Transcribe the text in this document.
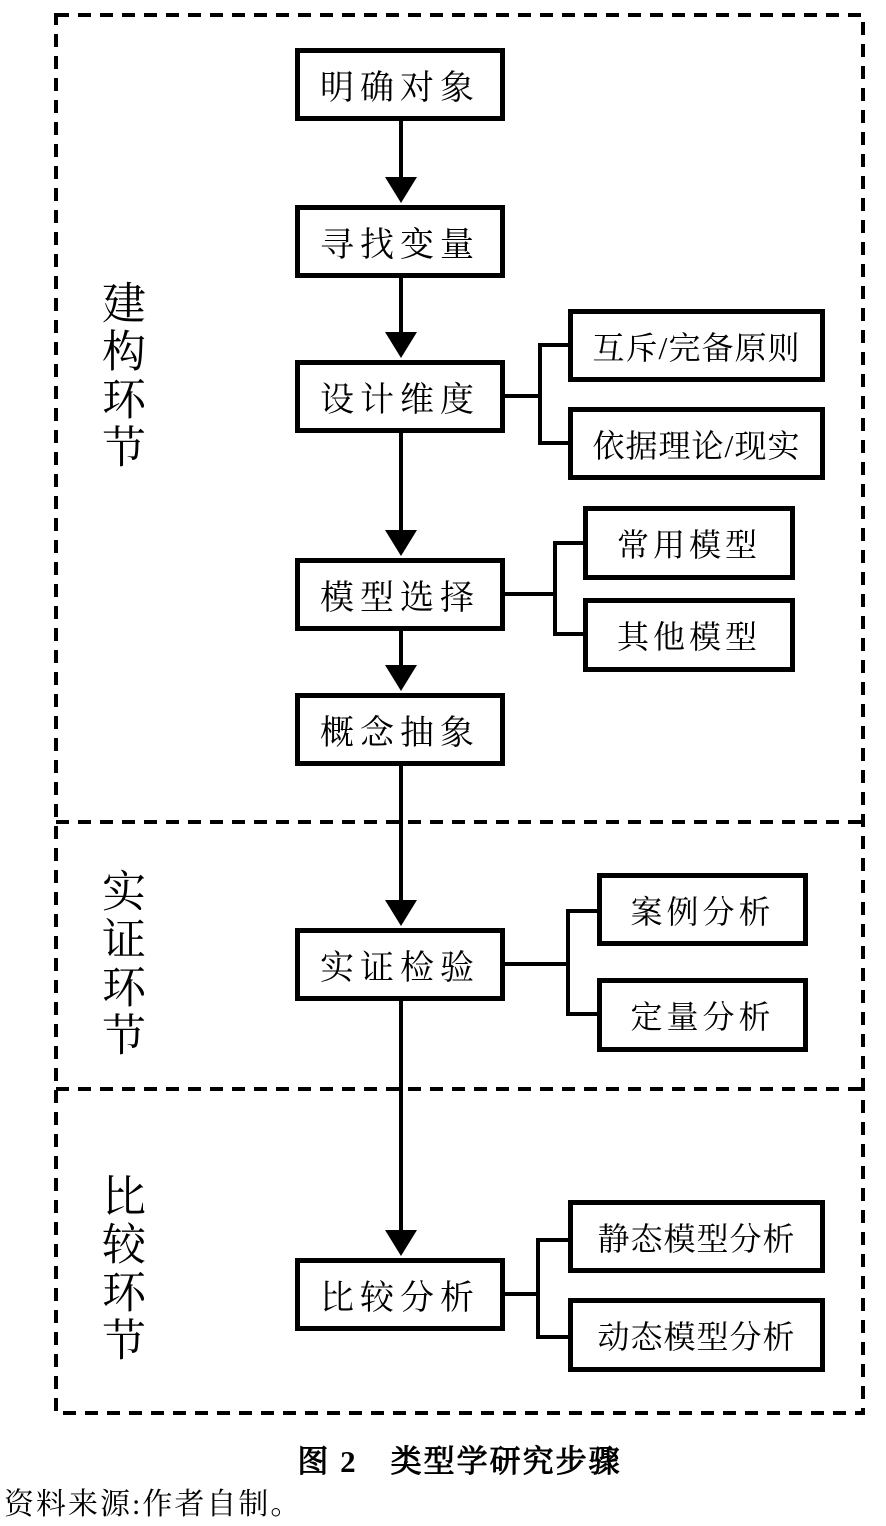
建构环节
实证环节
比较环节
明确对象
寻找变量
设计维度
模型选择
概念抽象
实证检验
比较分析
互斥/完备原则
依据理论/现实
常用模型
其他模型
案例分析
定量分析
静态模型分析
动态模型分析
图 2　类型学研究步骤
资料来源:作者自制。
